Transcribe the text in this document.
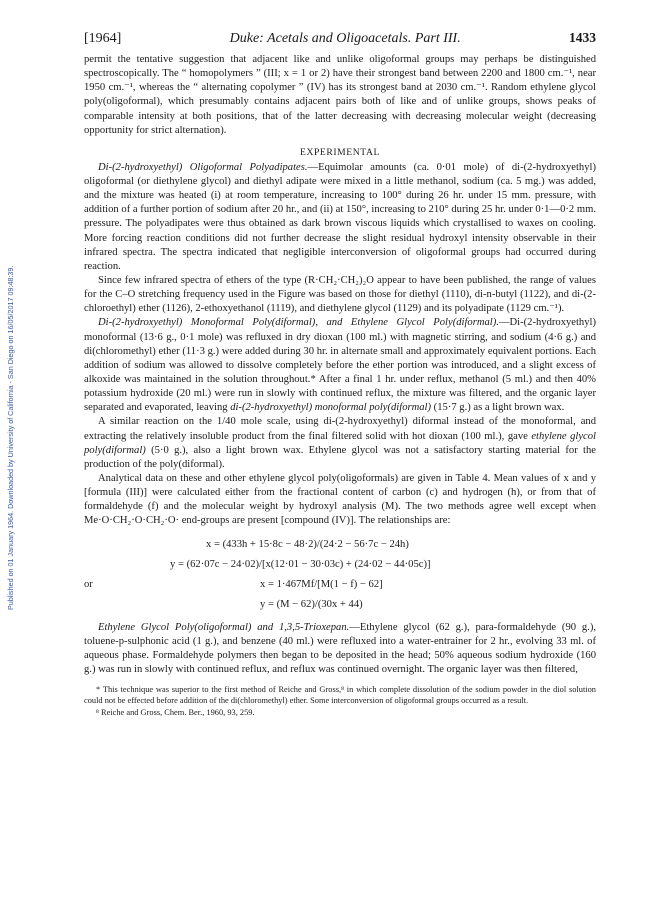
Published on 01 January 1964. Downloaded by University of California - San Diego on 16/05/2017 09:48:39.
[1964]	Duke: Acetals and Oligoacetals. Part III.	1433

permit the tentative suggestion that adjacent like and unlike oligoformal groups may perhaps be distinguished spectroscopically. The “ homopolymers ” (III; x = 1 or 2) have their strongest band between 2200 and 1800 cm.⁻¹, near 1950 cm.⁻¹, whereas the “ alternating copolymer ” (IV) has its strongest band at 2030 cm.⁻¹. Random ethylene glycol poly(oligoformal), which presumably contains adjacent pairs both of like and of unlike groups, shows peaks of comparable intensity at both positions, that of the latter decreasing with decreasing molecular weight (decreasing opportunity for strict alternation).

EXPERIMENTAL

Di-(2-hydroxyethyl) Oligoformal Polyadipates.—Equimolar amounts (ca. 0·01 mole) of di-(2-hydroxyethyl) oligoformal (or diethylene glycol) and diethyl adipate were mixed in a little methanol, sodium (ca. 5 mg.) was added, and the mixture was heated (i) at room temperature, increasing to 100° during 26 hr. under 15 mm. pressure, with addition of a further portion of sodium after 20 hr., and (ii) at 150°, increasing to 210° during 25 hr. under 0·1—0·2 mm. pressure. The polyadipates were thus obtained as dark brown viscous liquids which crystallised to waxes on cooling. More forcing reaction conditions did not further decrease the slight residual hydroxyl intensity observable in their infrared spectra. The spectra indicated that negligible interconversion of oligoformal groups had occurred during reaction.

Since few infrared spectra of ethers of the type (R·CH₂·CH₂)₂O appear to have been published, the range of values for the C–O stretching frequency used in the Figure was based on those for diethyl (1110), di-n-butyl (1122), and di-(2-chloroethyl) ether (1126), 2-ethoxyethanol (1119), and diethylene glycol (1129) and its polyadipate (1129 cm.⁻¹).

Di-(2-hydroxyethyl) Monoformal Poly(diformal), and Ethylene Glycol Poly(diformal).—Di-(2-hydroxyethyl) monoformal (13·6 g., 0·1 mole) was refluxed in dry dioxan (100 ml.) with magnetic stirring, and sodium (4·6 g.) and di(chloromethyl) ether (11·3 g.) were added during 30 hr. in alternate small and approximately equivalent portions. Each addition of sodium was allowed to dissolve completely before the ether portion was introduced, and a slight excess of alkoxide was maintained in the solution throughout.* After a final 1 hr. under reflux, methanol (5 ml.) and then 40% potassium hydroxide (20 ml.) were run in slowly with continued reflux, the mixture was filtered, and the organic layer separated and evaporated, leaving di-(2-hydroxyethyl) monoformal poly(diformal) (15·7 g.) as a light brown wax.

A similar reaction on the 1/40 mole scale, using di-(2-hydroxyethyl) diformal instead of the monoformal, and extracting the relatively insoluble product from the final filtered solid with hot dioxan (100 ml.), gave ethylene glycol poly(diformal) (5·0 g.), also a light brown wax. Ethylene glycol was not a satisfactory starting material for the production of the poly(diformal).

Analytical data on these and other ethylene glycol poly(oligoformals) are given in Table 4. Mean values of x and y [formula (III)] were calculated either from the fractional content of carbon (c) and hydrogen (h), or from that of formaldehyde (f) and the molecular weight by hydroxyl analysis (M). The two methods agree well except when Me·O·CH₂·O·CH₂·O· end-groups are present [compound (IV)]. The relationships are:

x = (433h + 15·8c − 48·2)/(24·2 − 56·7c − 24h)
y = (62·07c − 24·02)/[x(12·01 − 30·03c) + (24·02 − 44·05c)]
or	x = 1·467Mf/[M(1 − f) − 62]
y = (M − 62)/(30x + 44)

Ethylene Glycol Poly(oligoformal) and 1,3,5-Trioxepan.—Ethylene glycol (62 g.), para-formaldehyde (90 g.), toluene-p-sulphonic acid (1 g.), and benzene (40 ml.) were refluxed into a water-entrainer for 2 hr., evolving 33 ml. of aqueous phase. Formaldehyde polymers then began to be deposited in the head; 50% aqueous sodium hydroxide (160 g.) was run in slowly with continued reflux, and reflux was continued overnight. The organic layer was then filtered,

* This technique was superior to the first method of Reiche and Gross,⁸ in which complete dissolution of the sodium powder in the diol solution could not be effected before addition of the di(chloromethyl) ether. Some interconversion of oligoformal groups occurred as a result.

⁸ Reiche and Gross, Chem. Ber., 1960, 93, 259.
